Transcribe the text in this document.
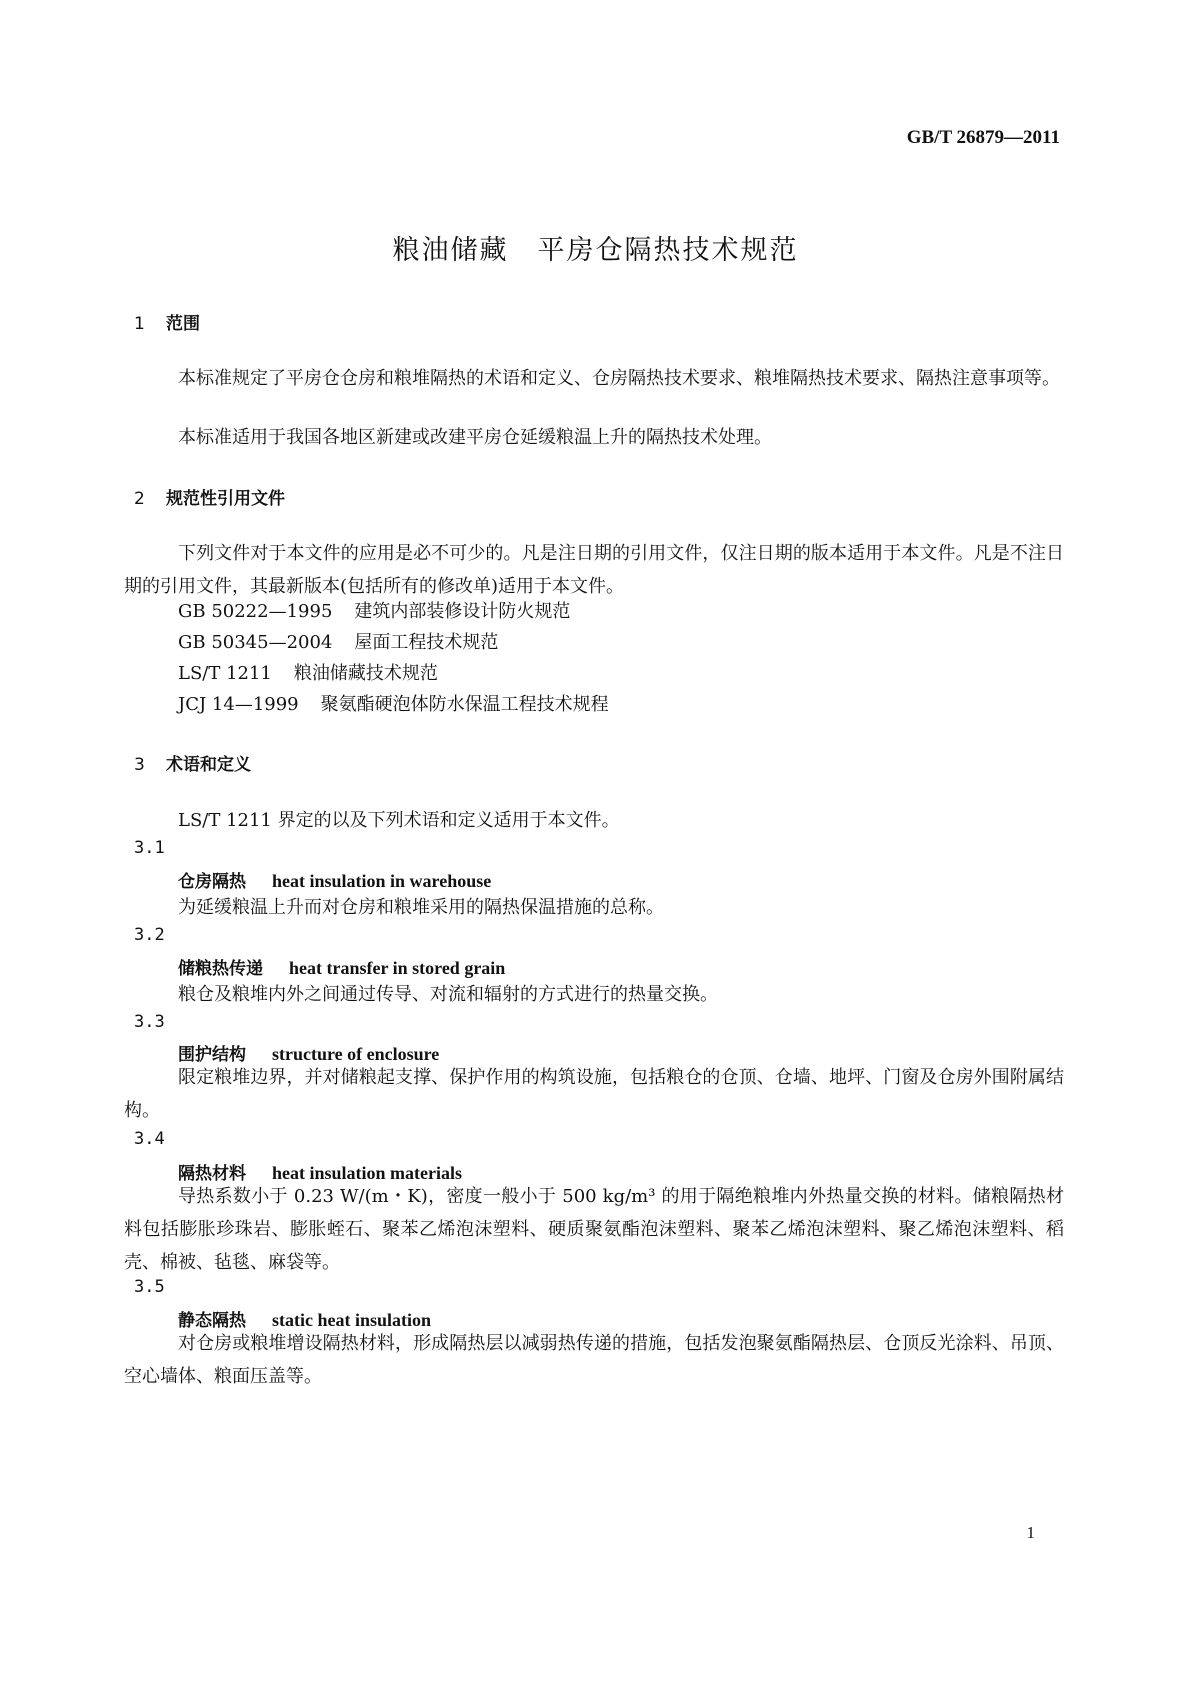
GB/T 26879—2011
粮油储藏　平房仓隔热技术规范
1 范围
本标准规定了平房仓仓房和粮堆隔热的术语和定义、仓房隔热技术要求、粮堆隔热技术要求、隔热注意事项等。
本标准适用于我国各地区新建或改建平房仓延缓粮温上升的隔热技术处理。
2 规范性引用文件
下列文件对于本文件的应用是必不可少的。凡是注日期的引用文件，仅注日期的版本适用于本文件。凡是不注日期的引用文件，其最新版本(包括所有的修改单)适用于本文件。
GB 50222—1995 建筑内部装修设计防火规范
GB 50345—2004 屋面工程技术规范
LS/T 1211 粮油储藏技术规范
JCJ 14—1999 聚氨酯硬泡体防水保温工程技术规程
3 术语和定义
LS/T 1211 界定的以及下列术语和定义适用于本文件。
3.1
仓房隔热 heat insulation in warehouse
为延缓粮温上升而对仓房和粮堆采用的隔热保温措施的总称。
3.2
储粮热传递 heat transfer in stored grain
粮仓及粮堆内外之间通过传导、对流和辐射的方式进行的热量交换。
3.3
围护结构 structure of enclosure
限定粮堆边界，并对储粮起支撑、保护作用的构筑设施，包括粮仓的仓顶、仓墙、地坪、门窗及仓房外围附属结构。
3.4
隔热材料 heat insulation materials
导热系数小于 0.23 W/(m・K)，密度一般小于 500 kg/m³ 的用于隔绝粮堆内外热量交换的材料。储粮隔热材料包括膨胀珍珠岩、膨胀蛭石、聚苯乙烯泡沫塑料、硬质聚氨酯泡沫塑料、聚苯乙烯泡沫塑料、聚乙烯泡沫塑料、稻壳、棉被、毡毯、麻袋等。
3.5
静态隔热 static heat insulation
对仓房或粮堆增设隔热材料，形成隔热层以减弱热传递的措施，包括发泡聚氨酯隔热层、仓顶反光涂料、吊顶、空心墙体、粮面压盖等。
1
